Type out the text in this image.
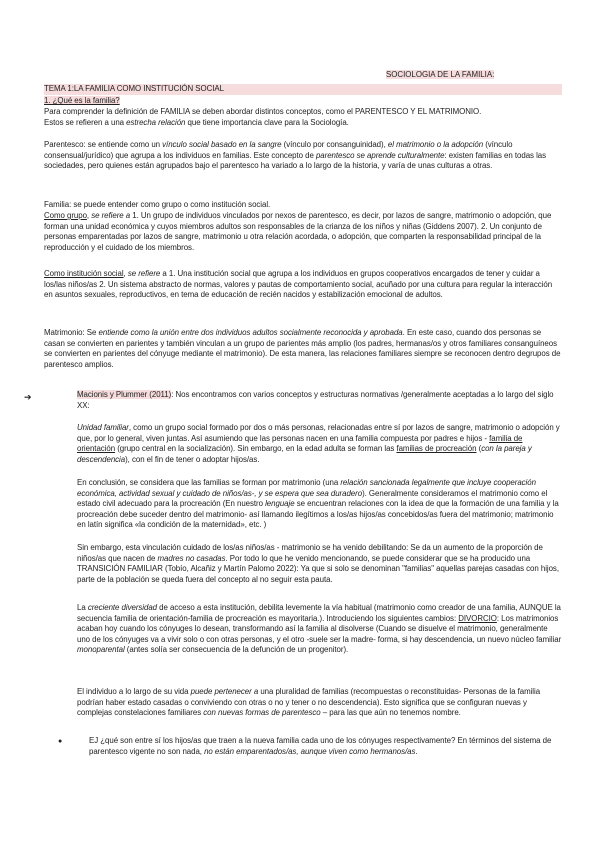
SOCIOLOGIA DE LA FAMILIA:

TEMA 1:LA FAMILIA COMO INSTITUCIÓN SOCIAL

1. ¿Qué es la familia?

Para comprender la definición de FAMILIA se deben abordar distintos conceptos, como el PARENTESCO Y EL MATRIMONIO.
Estos se refieren a una estrecha relación que tiene importancia clave para la Sociología.

Parentesco: se entiende como un vínculo social basado en la sangre (vínculo por consanguinidad), el matrimonio o la adopción (vínculo consensual/jurídico) que agrupa a los individuos en familias. Este concepto de parentesco se aprende culturalmente: existen familias en todas las sociedades, pero quienes están agrupados bajo el parentesco ha variado a lo largo de la historia, y varía de unas culturas a otras.

Familia: se puede entender como grupo o como institución social.

Como grupo, se refiere a 1. Un grupo de individuos vinculados por nexos de parentesco, es decir, por lazos de sangre, matrimonio o adopción, que forman una unidad económica y cuyos miembros adultos son responsables de la crianza de los niños y niñas (Giddens 2007). 2. Un conjunto de personas emparentadas por lazos de sangre, matrimonio u otra relación acordada, o adopción, que comparten la responsabilidad principal de la reproducción y el cuidado de los miembros.

Como institución social, se refiere a 1. Una institución social que agrupa a los individuos en grupos cooperativos encargados de tener y cuidar a los/las niños/as 2. Un sistema abstracto de normas, valores y pautas de comportamiento social, acuñado por una cultura para regular la interacción en asuntos sexuales, reproductivos, en tema de educación de recién nacidos y estabilización emocional de adultos.

Matrimonio: Se entiende como la unión entre dos individuos adultos socialmente reconocida y aprobada. En este caso, cuando dos personas se casan se convierten en parientes y también vinculan a un grupo de parientes más amplio (los padres, hermanas/os y otros familiares consanguíneos se convierten en parientes del cónyuge mediante el matrimonio). De esta manera, las relaciones familiares siempre se reconocen dentro degrupos de parentesco amplios.

Macionis y Plummer (2011): Nos encontramos con varios conceptos y estructuras normativas /generalmente aceptadas a lo largo del siglo XX:

Unidad familiar, como un grupo social formado por dos o más personas, relacionadas entre sí por lazos de sangre, matrimonio o adopción y que, por lo general, viven juntas. Así asumiendo que las personas nacen en una familia compuesta por padres e hijos - familia de orientación (grupo central en la socialización). Sin embargo, en la edad adulta se forman las familias de procreación (con la pareja y descendencia), con el fin de tener o adoptar hijos/as.

En conclusión, se considera que las familias se forman por matrimonio (una relación sancionada legalmente que incluye cooperación económica, actividad sexual y cuidado de niños/as-, y se espera que sea duradero). Generalmente consideramos el matrimonio como el estado civil adecuado para la procreación (En nuestro lenguaje se encuentran relaciones con la idea de que la formación de una familia y la procreación debe suceder dentro del matrimonio- así llamando ilegítimos a los/as hijos/as concebidos/as fuera del matrimonio; matrimonio en latín significa «la condición de la maternidad», etc. )

Sin embargo, esta vinculación cuidado de los/as niños/as - matrimonio se ha venido debilitando: Se da un aumento de la proporción de niños/as que nacen de madres no casadas. Por todo lo que he venido mencionando, se puede considerar que se ha producido una TRANSICIÓN FAMILIAR (Tobío, Alcañiz y Martín Palomo 2022): Ya que si solo se denominan "familias" aquellas parejas casadas con hijos, parte de la población se queda fuera del concepto al no seguir esta pauta.

La creciente diversidad de acceso a esta institución, debilita levemente la vía habitual (matrimonio como creador de una familia, AUNQUE la secuencia familia de orientación-familia de procreación es mayoritaria.). Introduciendo los siguientes cambios: DIVORCIO: Los matrimonios acaban hoy cuando los cónyuges lo desean, transformando así la familia al disolverse (Cuando se disuelve el matrimonio, generalmente uno de los cónyuges va a vivir solo o con otras personas, y el otro -suele ser la madre- forma, si hay descendencia, un nuevo núcleo familiar monoparental (antes solía ser consecuencia de la defunción de un progenitor).

El individuo a lo largo de su vida puede pertenecer a una pluralidad de familias (recompuestas o reconstituidas- Personas de la familia podrían haber estado casadas o conviviendo con otras o no y tener o no descendencia). Esto significa que se configuran nuevas y complejas constelaciones familiares con nuevas formas de parentesco – para las que aún no tenemos nombre.

EJ ¿qué son entre sí los hijos/as que traen a la nueva familia cada uno de los cónyuges respectivamente? En términos del sistema de parentesco vigente no son nada, no están emparentados/as, aunque viven como hermanos/as.

➔
●
